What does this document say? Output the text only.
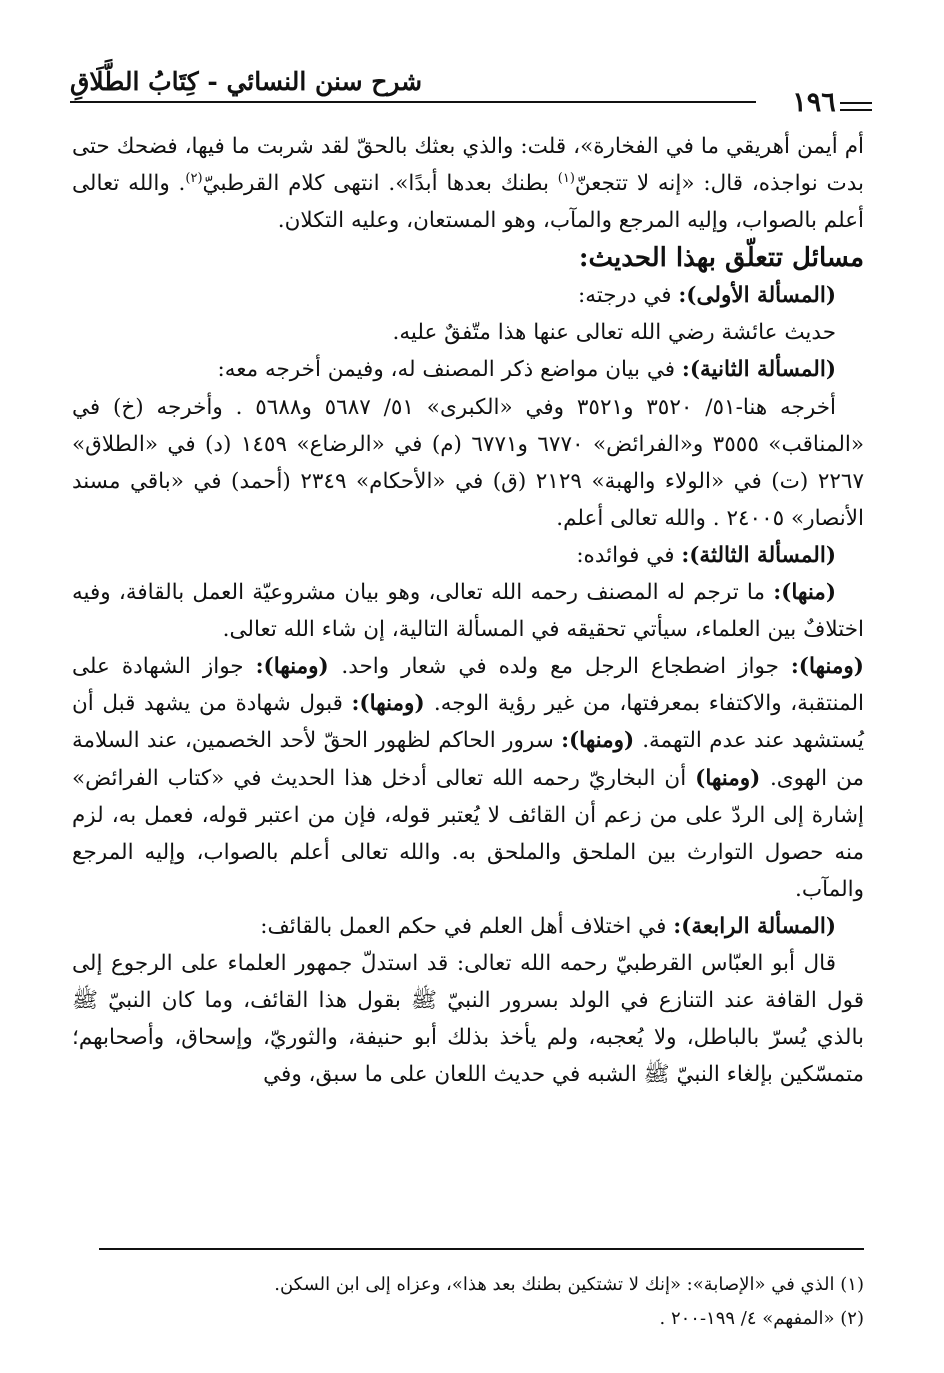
شرح سنن النسائي - كِتَابُ الطَّلَاقِ
١٩٦

أم أيمن أهريقي ما في الفخارة»، قلت: والذي بعثك بالحقّ لقد شربت ما فيها، فضحك حتى بدت نواجذه، قال: «إنه لا تتجعنّ$^{(١)}$ بطنك بعدها أبدًا». انتهى كلام القرطبيّ$^{(٢)}$. والله تعالى أعلم بالصواب، وإليه المرجع والمآب، وهو المستعان، وعليه التكلان.

مسائل تتعلّق بهذا الحديث:

(المسألة الأولى): في درجته:

حديث عائشة رضي الله تعالى عنها هذا متّفقٌ عليه.

(المسألة الثانية): في بيان مواضع ذكر المصنف له، وفيمن أخرجه معه:

أخرجه هنا-٥١/ ٣٥٢٠ و٣٥٢١ وفي «الكبرى» ٥١/ ٥٦٨٧ و٥٦٨٨ . وأخرجه (خ) في «المناقب» ٣٥٥٥ و«الفرائض» ٦٧٧٠ و٦٧٧١ (م) في «الرضاع» ١٤٥٩ (د) في «الطلاق» ٢٢٦٧ (ت) في «الولاء والهبة» ٢١٢٩ (ق) في «الأحكام» ٢٣٤٩ (أحمد) في «باقي مسند الأنصار» ٢٤٠٠٥ . والله تعالى أعلم.

(المسألة الثالثة): في فوائده:

(منها): ما ترجم له المصنف رحمه الله تعالى، وهو بيان مشروعيّة العمل بالقافة، وفيه اختلافٌ بين العلماء، سيأتي تحقيقه في المسألة التالية، إن شاء الله تعالى.

(ومنها): جواز اضطجاع الرجل مع ولده في شعار واحد. (ومنها): جواز الشهادة على المنتقبة، والاكتفاء بمعرفتها، من غير رؤية الوجه. (ومنها): قبول شهادة من يشهد قبل أن يُستشهد عند عدم التهمة. (ومنها): سرور الحاكم لظهور الحقّ لأحد الخصمين، عند السلامة من الهوى. (ومنها) أن البخاريّ رحمه الله تعالى أدخل هذا الحديث في «كتاب الفرائض» إشارة إلى الردّ على من زعم أن القائف لا يُعتبر قوله، فإن من اعتبر قوله، فعمل به، لزم منه حصول التوارث بين الملحق والملحق به. والله تعالى أعلم بالصواب، وإليه المرجع والمآب.

(المسألة الرابعة): في اختلاف أهل العلم في حكم العمل بالقائف:

قال أبو العبّاس القرطبيّ رحمه الله تعالى: قد استدلّ جمهور العلماء على الرجوع إلى قول القافة عند التنازع في الولد بسرور النبيّ ﷺ بقول هذا القائف، وما كان النبيّ ﷺ بالذي يُسرّ بالباطل، ولا يُعجبه، ولم يأخذ بذلك أبو حنيفة، والثوريّ، وإسحاق، وأصحابهم؛ متمسّكين بإلغاء النبيّ ﷺ الشبه في حديث اللعان على ما سبق، وفي

(١) الذي في «الإصابة»: «إنك لا تشتكين بطنك بعد هذا»، وعزاه إلى ابن السكن.

(٢) «المفهم» ٤/ ١٩٩-٢٠٠ .
